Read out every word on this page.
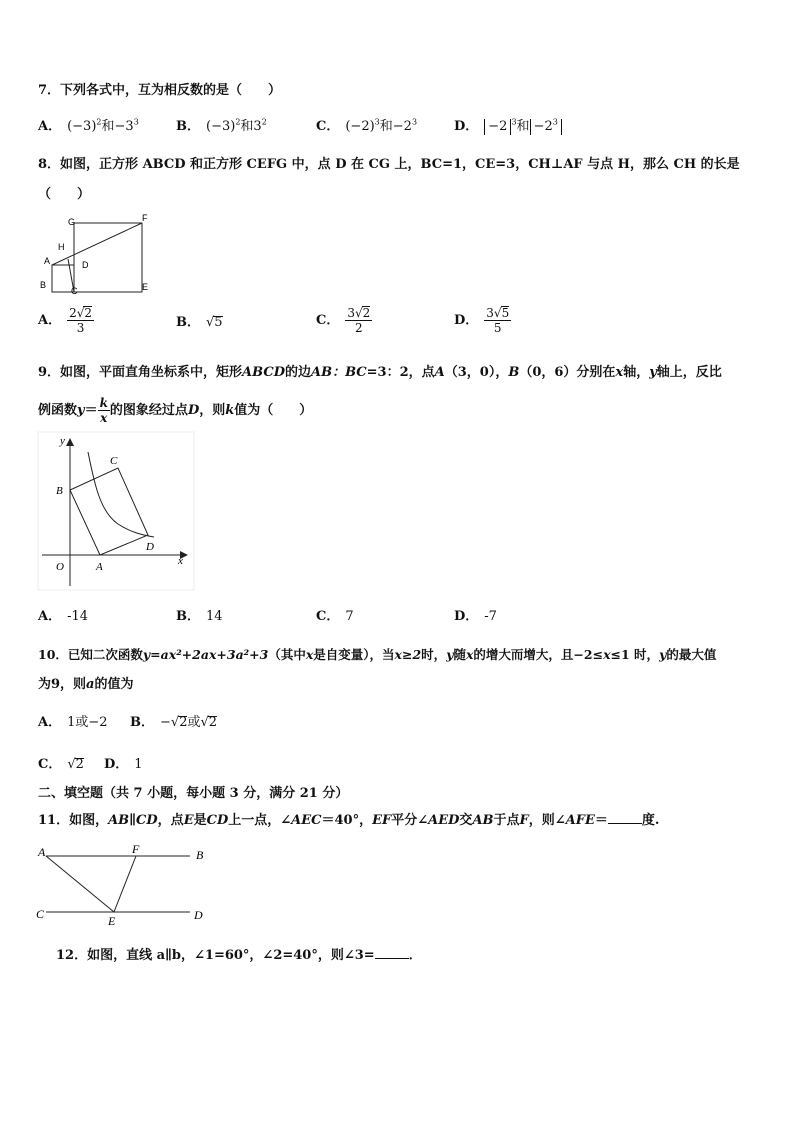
7．下列各式中，互为相反数的是（　　）
A． $(-3)^2$和$-3^3$	B． $(-3)^2$和$3^2$	C． $(-2)^3$和$-2^3$	D． −2 $^3$和 $-2^3$
8．如图，正方形 ABCD 和正方形 CEFG 中，点 D 在 CG 上，BC=1，CE=3，CH⊥AF 与点 H，那么 CH 的长是
（　　）
G	F
H
A	D
B
C	E
A． $\frac{2√2}{3}$	B． √5	C． $\frac{3√2}{2}$	D． $\frac{3√5}{5}$
9．如图，平面直角坐标系中，矩形ABCD的边AB：BC=3：2，点A（3，0），B（0，6）分别在x轴，y轴上，反比
例函数$y= \frac{k}{x}$ 的图象经过点D，则k值为（　　）
y
C
B
D
O	A	x
A． -14	B． 14	C． 7	D． -7
10．已知二次函数y=ax²+2ax+3a²+3（其中x是自变量），当x≥2时，y随x的增大而增大，且−2≤x≤1 时，y的最大值
为9，则a的值为
A． 1或−2 B． −√2或√2
C． √2 D． 1
二、填空题（共 7 小题，每小题 3 分，满分 21 分）
11．如图，AB∥CD，点E是CD上一点，∠AEC＝40°，EF平分∠AED交AB于点F，则∠AFE＝	度.
A	F	B
C	E	D
12．如图，直线 a∥b，∠1=60°，∠2=40°，则∠3=	．
